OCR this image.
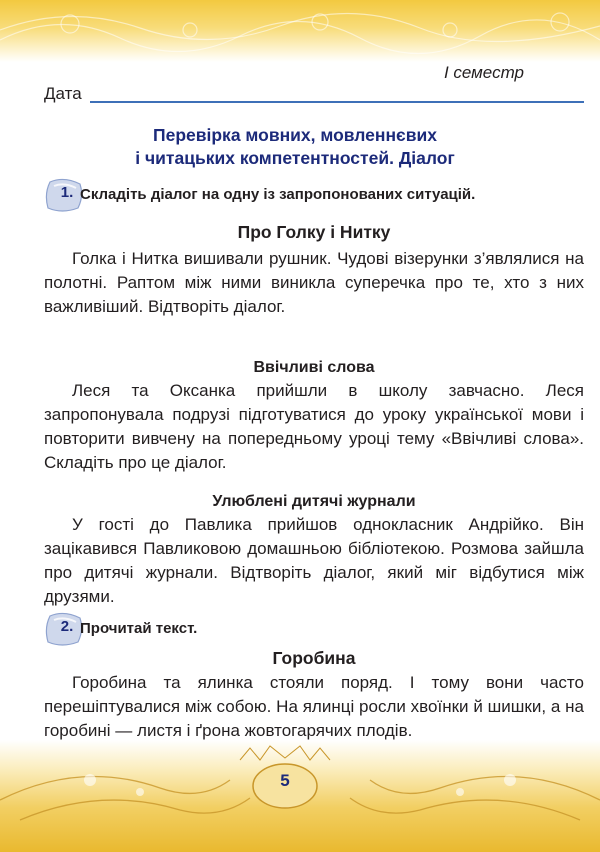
I семестр
Дата
Перевірка мовних, мовленнєвих
і читацьких компетентностей. Діалог
1. Складіть діалог на одну із запропонованих ситуацій.
Про Голку і Нитку
Голка і Нитка вишивали рушник. Чудові візерунки з’являлися на полотні. Раптом між ними виникла суперечка про те, хто з них важливіший. Відтворіть діалог.
Ввічливі слова
Леся та Оксанка прийшли в школу завчасно. Леся запропонувала подрузі підготуватися до уроку української мови і повторити вивчену на попередньому уроці тему «Ввічливі слова». Складіть про це діалог.
Улюблені дитячі журнали
У гості до Павлика прийшов однокласник Андрійко. Він зацікавився Павликовою домашньою бібліотекою. Розмова зайшла про дитячі журнали. Відтворіть діалог, який міг відбутися між друзями.
2. Прочитай текст.
Горобина
Горобина та ялинка стояли поряд. І тому вони часто перешіптувалися між собою. На ялинці росли хвоїнки й шишки, а на горобині — листя і ґрона жовтогарячих плодів.
5
